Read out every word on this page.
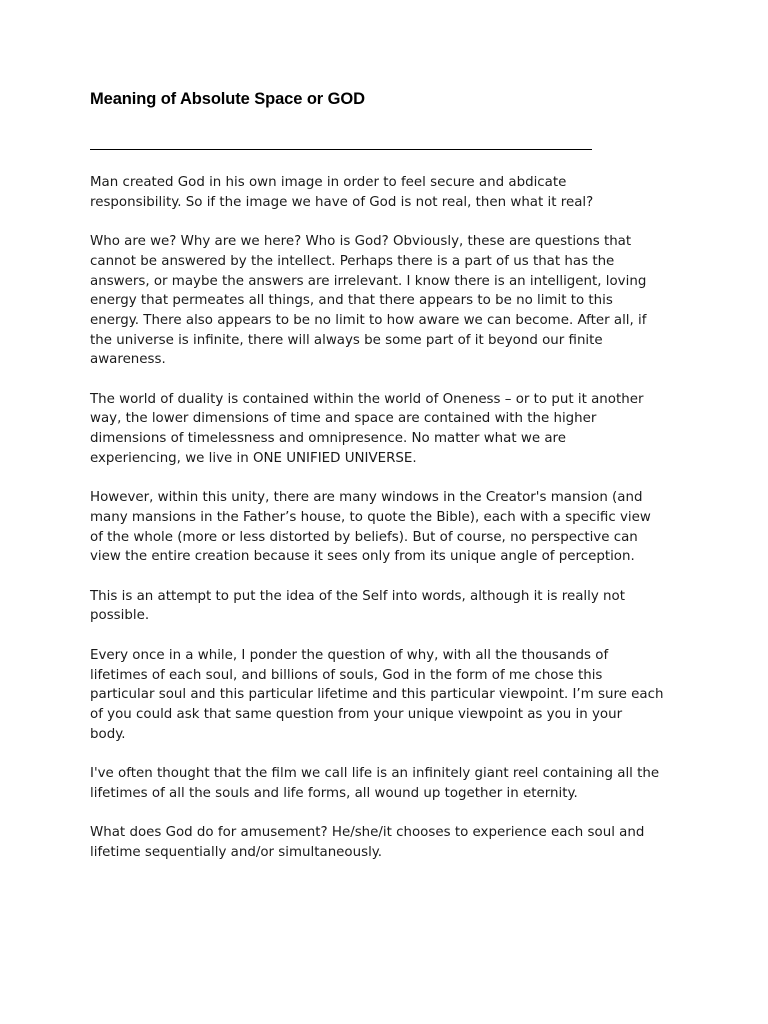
Meaning of Absolute Space or GOD

Man created God in his own image in order to feel secure and abdicate
responsibility. So if the image we have of God is not real, then what it real?

Who are we? Why are we here? Who is God? Obviously, these are questions that
cannot be answered by the intellect. Perhaps there is a part of us that has the
answers, or maybe the answers are irrelevant. I know there is an intelligent, loving
energy that permeates all things, and that there appears to be no limit to this
energy. There also appears to be no limit to how aware we can become. After all, if
the universe is infinite, there will always be some part of it beyond our finite
awareness.

The world of duality is contained within the world of Oneness – or to put it another
way, the lower dimensions of time and space are contained with the higher
dimensions of timelessness and omnipresence. No matter what we are
experiencing, we live in ONE UNIFIED UNIVERSE.

However, within this unity, there are many windows in the Creator's mansion (and
many mansions in the Father’s house, to quote the Bible), each with a specific view
of the whole (more or less distorted by beliefs). But of course, no perspective can
view the entire creation because it sees only from its unique angle of perception.

This is an attempt to put the idea of the Self into words, although it is really not
possible.

Every once in a while, I ponder the question of why, with all the thousands of
lifetimes of each soul, and billions of souls, God in the form of me chose this
particular soul and this particular lifetime and this particular viewpoint. I’m sure each
of you could ask that same question from your unique viewpoint as you in your
body.

I've often thought that the film we call life is an infinitely giant reel containing all the
lifetimes of all the souls and life forms, all wound up together in eternity.

What does God do for amusement? He/she/it chooses to experience each soul and
lifetime sequentially and/or simultaneously.
